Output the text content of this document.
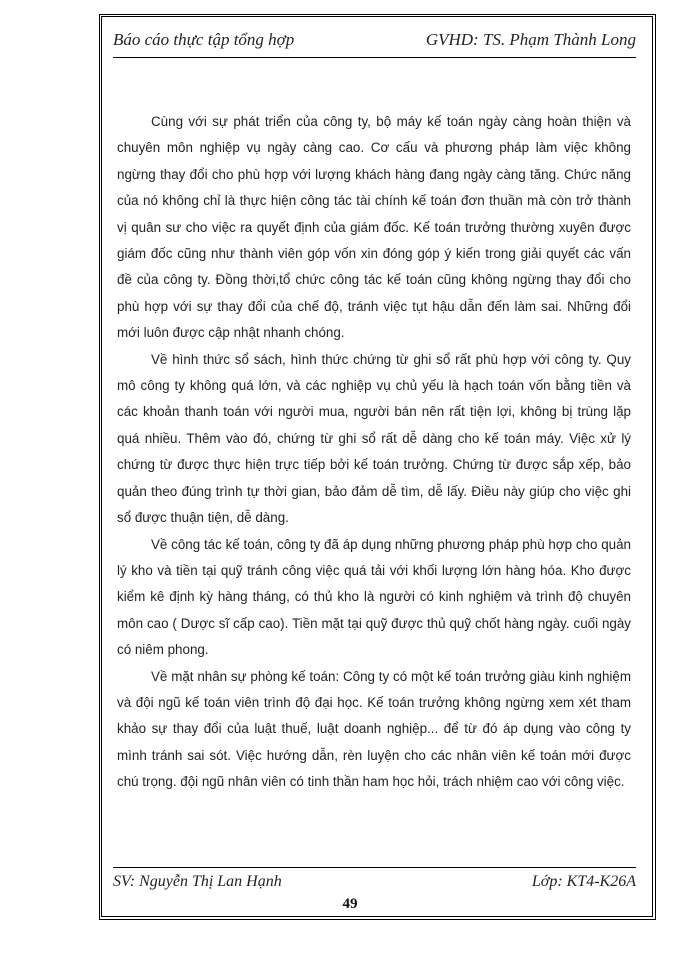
Báo cáo thực tập tổng hợp	GVHD: TS. Phạm Thành Long

Cùng với sự phát triển của công ty, bộ máy kế toán ngày càng hoàn thiện và chuyên môn nghiệp vụ ngày càng cao. Cơ cấu và phương pháp làm việc không ngừng thay đổi cho phù hợp với lượng khách hàng đang ngày càng tăng. Chức năng của nó không chỉ là thực hiện công tác tài chính kế toán đơn thuần mà còn trở thành vị quân sư cho việc ra quyết định của giám đốc. Kế toán trưởng thường xuyên được giám đốc cũng như thành viên góp vốn xin đóng góp ý kiến trong giải quyết các vấn đề của công ty. Đồng thời,tổ chức công tác kế toán cũng không ngừng thay đổi cho phù hợp với sự thay đổi của chế độ, tránh việc tụt hậu dẫn đến làm sai. Những đổi mới luôn được cập nhật nhanh chóng.

Về hình thức sổ sách, hình thức chứng từ ghi sổ rất phù hợp với công ty. Quy mô công ty không quá lớn, và các nghiệp vụ chủ yếu là hạch toán vốn bằng tiền và các khoản thanh toán với người mua, người bán nên rất tiện lợi, không bị trùng lặp quá nhiều. Thêm vào đó, chứng từ ghi sổ rất dễ dàng cho kế toán máy. Việc xử lý chứng từ được thực hiện trực tiếp bởi kế toán trưởng. Chứng từ được sắp xếp, bảo quản theo đúng trình tự thời gian, bảo đảm dễ tìm, dễ lấy. Điều này giúp cho việc ghi sổ được thuận tiện, dễ dàng.

Về công tác kế toán, công ty đã áp dụng những phương pháp phù hợp cho quản lý kho và tiền tại quỹ tránh công việc quá tải với khối lượng lớn hàng hóa. Kho được kiểm kê định kỳ hàng tháng, có thủ kho là người có kinh nghiệm và trình độ chuyên môn cao ( Dược sĩ cấp cao). Tiền mặt tại quỹ được thủ quỹ chốt hàng ngày. cuối ngày có niêm phong.

Về mặt nhân sự phòng kế toán: Công ty có một kế toán trưởng giàu kinh nghiệm và đội ngũ kế toán viên trình độ đại học. Kế toán trưởng không ngừng xem xét tham khảo sự thay đổi của luật thuế, luật doanh nghiệp... để từ đó áp dụng vào công ty mình tránh sai sót. Việc hướng dẫn, rèn luyện cho các nhân viên kế toán mới được chú trọng. đội ngũ nhân viên có tinh thần ham học hỏi, trách nhiệm cao với công việc.

SV: Nguyễn Thị Lan Hạnh	Lớp: KT4-K26A
49
